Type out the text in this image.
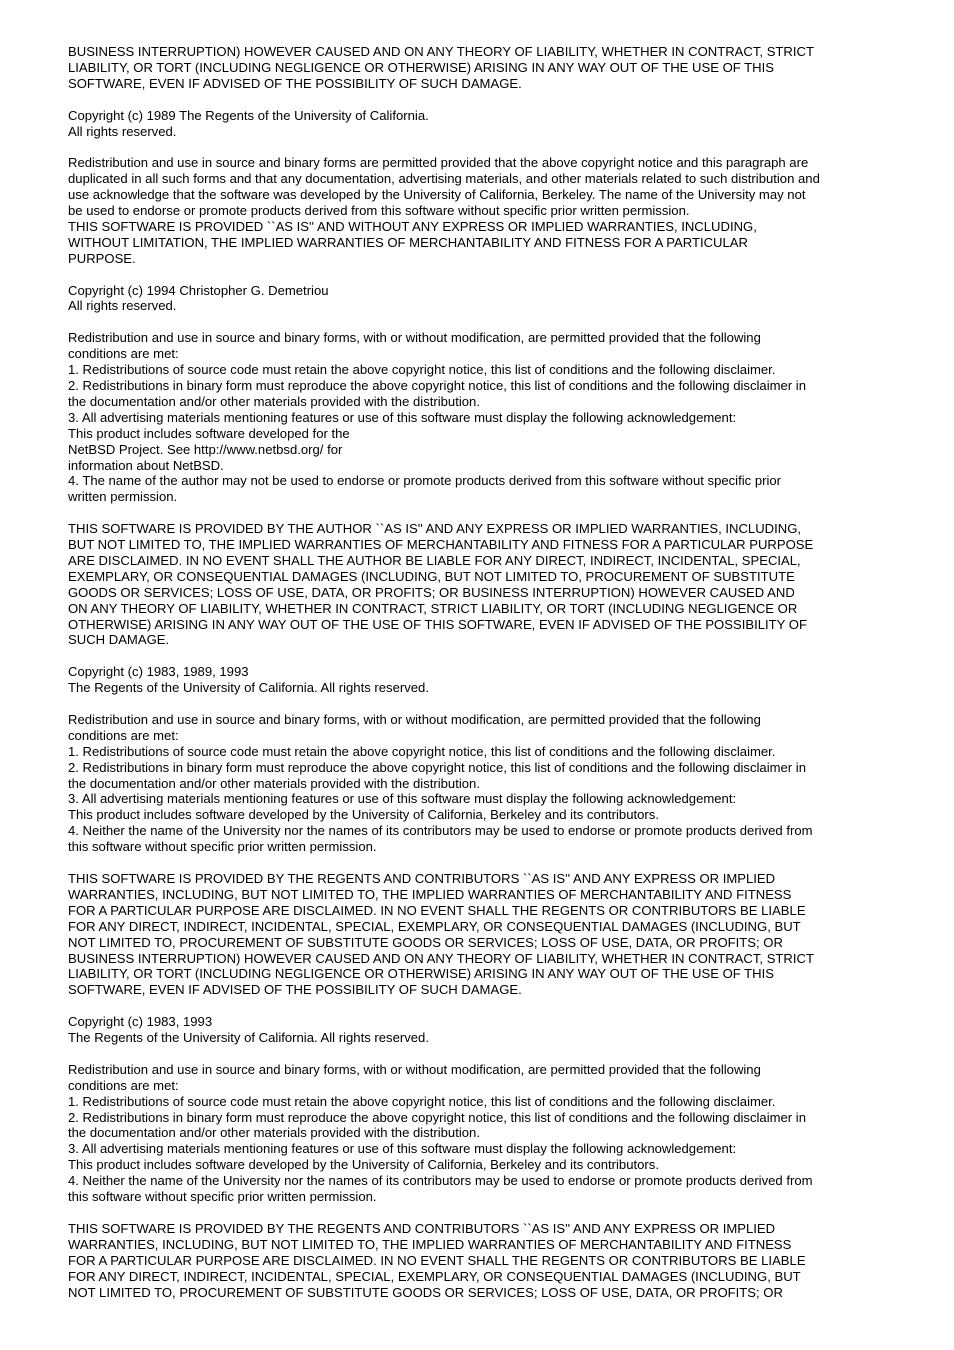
BUSINESS INTERRUPTION) HOWEVER CAUSED AND ON ANY THEORY OF LIABILITY, WHETHER IN CONTRACT, STRICT
LIABILITY, OR TORT (INCLUDING NEGLIGENCE OR OTHERWISE) ARISING IN ANY WAY OUT OF THE USE OF THIS
SOFTWARE, EVEN IF ADVISED OF THE POSSIBILITY OF SUCH DAMAGE.
Copyright (c) 1989 The Regents of the University of California.
All rights reserved.
Redistribution and use in source and binary forms are permitted provided that the above copyright notice and this paragraph are
duplicated in all such forms and that any documentation, advertising materials, and other materials related to such distribution and
use acknowledge that the software was developed by the University of California, Berkeley. The name of the University may not
be used to endorse or promote products derived from this software without specific prior written permission.
THIS SOFTWARE IS PROVIDED ``AS IS'' AND WITHOUT ANY EXPRESS OR IMPLIED WARRANTIES, INCLUDING,
WITHOUT LIMITATION, THE IMPLIED WARRANTIES OF MERCHANTABILITY AND FITNESS FOR A PARTICULAR
PURPOSE.
Copyright (c) 1994 Christopher G. Demetriou
All rights reserved.
Redistribution and use in source and binary forms, with or without modification, are permitted provided that the following
conditions are met:
1. Redistributions of source code must retain the above copyright notice, this list of conditions and the following disclaimer.
2. Redistributions in binary form must reproduce the above copyright notice, this list of conditions and the following disclaimer in
the documentation and/or other materials provided with the distribution.
3. All advertising materials mentioning features or use of this software must display the following acknowledgement:
This product includes software developed for the
NetBSD Project. See http://www.netbsd.org/ for
information about NetBSD.
4. The name of the author may not be used to endorse or promote products derived from this software without specific prior
written permission.
THIS SOFTWARE IS PROVIDED BY THE AUTHOR ``AS IS'' AND ANY EXPRESS OR IMPLIED WARRANTIES, INCLUDING,
BUT NOT LIMITED TO, THE IMPLIED WARRANTIES OF MERCHANTABILITY AND FITNESS FOR A PARTICULAR PURPOSE
ARE DISCLAIMED. IN NO EVENT SHALL THE AUTHOR BE LIABLE FOR ANY DIRECT, INDIRECT, INCIDENTAL, SPECIAL,
EXEMPLARY, OR CONSEQUENTIAL DAMAGES (INCLUDING, BUT NOT LIMITED TO, PROCUREMENT OF SUBSTITUTE
GOODS OR SERVICES; LOSS OF USE, DATA, OR PROFITS; OR BUSINESS INTERRUPTION) HOWEVER CAUSED AND
ON ANY THEORY OF LIABILITY, WHETHER IN CONTRACT, STRICT LIABILITY, OR TORT (INCLUDING NEGLIGENCE OR
OTHERWISE) ARISING IN ANY WAY OUT OF THE USE OF THIS SOFTWARE, EVEN IF ADVISED OF THE POSSIBILITY OF
SUCH DAMAGE.
Copyright (c) 1983, 1989, 1993
The Regents of the University of California. All rights reserved.
Redistribution and use in source and binary forms, with or without modification, are permitted provided that the following
conditions are met:
1. Redistributions of source code must retain the above copyright notice, this list of conditions and the following disclaimer.
2. Redistributions in binary form must reproduce the above copyright notice, this list of conditions and the following disclaimer in
the documentation and/or other materials provided with the distribution.
3. All advertising materials mentioning features or use of this software must display the following acknowledgement:
This product includes software developed by the University of California, Berkeley and its contributors.
4. Neither the name of the University nor the names of its contributors may be used to endorse or promote products derived from
this software without specific prior written permission.
THIS SOFTWARE IS PROVIDED BY THE REGENTS AND CONTRIBUTORS ``AS IS'' AND ANY EXPRESS OR IMPLIED
WARRANTIES, INCLUDING, BUT NOT LIMITED TO, THE IMPLIED WARRANTIES OF MERCHANTABILITY AND FITNESS
FOR A PARTICULAR PURPOSE ARE DISCLAIMED. IN NO EVENT SHALL THE REGENTS OR CONTRIBUTORS BE LIABLE
FOR ANY DIRECT, INDIRECT, INCIDENTAL, SPECIAL, EXEMPLARY, OR CONSEQUENTIAL DAMAGES (INCLUDING, BUT
NOT LIMITED TO, PROCUREMENT OF SUBSTITUTE GOODS OR SERVICES; LOSS OF USE, DATA, OR PROFITS; OR
BUSINESS INTERRUPTION) HOWEVER CAUSED AND ON ANY THEORY OF LIABILITY, WHETHER IN CONTRACT, STRICT
LIABILITY, OR TORT (INCLUDING NEGLIGENCE OR OTHERWISE) ARISING IN ANY WAY OUT OF THE USE OF THIS
SOFTWARE, EVEN IF ADVISED OF THE POSSIBILITY OF SUCH DAMAGE.
Copyright (c) 1983, 1993
The Regents of the University of California. All rights reserved.
Redistribution and use in source and binary forms, with or without modification, are permitted provided that the following
conditions are met:
1. Redistributions of source code must retain the above copyright notice, this list of conditions and the following disclaimer.
2. Redistributions in binary form must reproduce the above copyright notice, this list of conditions and the following disclaimer in
the documentation and/or other materials provided with the distribution.
3. All advertising materials mentioning features or use of this software must display the following acknowledgement:
This product includes software developed by the University of California, Berkeley and its contributors.
4. Neither the name of the University nor the names of its contributors may be used to endorse or promote products derived from
this software without specific prior written permission.
THIS SOFTWARE IS PROVIDED BY THE REGENTS AND CONTRIBUTORS ``AS IS'' AND ANY EXPRESS OR IMPLIED
WARRANTIES, INCLUDING, BUT NOT LIMITED TO, THE IMPLIED WARRANTIES OF MERCHANTABILITY AND FITNESS
FOR A PARTICULAR PURPOSE ARE DISCLAIMED. IN NO EVENT SHALL THE REGENTS OR CONTRIBUTORS BE LIABLE
FOR ANY DIRECT, INDIRECT, INCIDENTAL, SPECIAL, EXEMPLARY, OR CONSEQUENTIAL DAMAGES (INCLUDING, BUT
NOT LIMITED TO, PROCUREMENT OF SUBSTITUTE GOODS OR SERVICES; LOSS OF USE, DATA, OR PROFITS; OR
